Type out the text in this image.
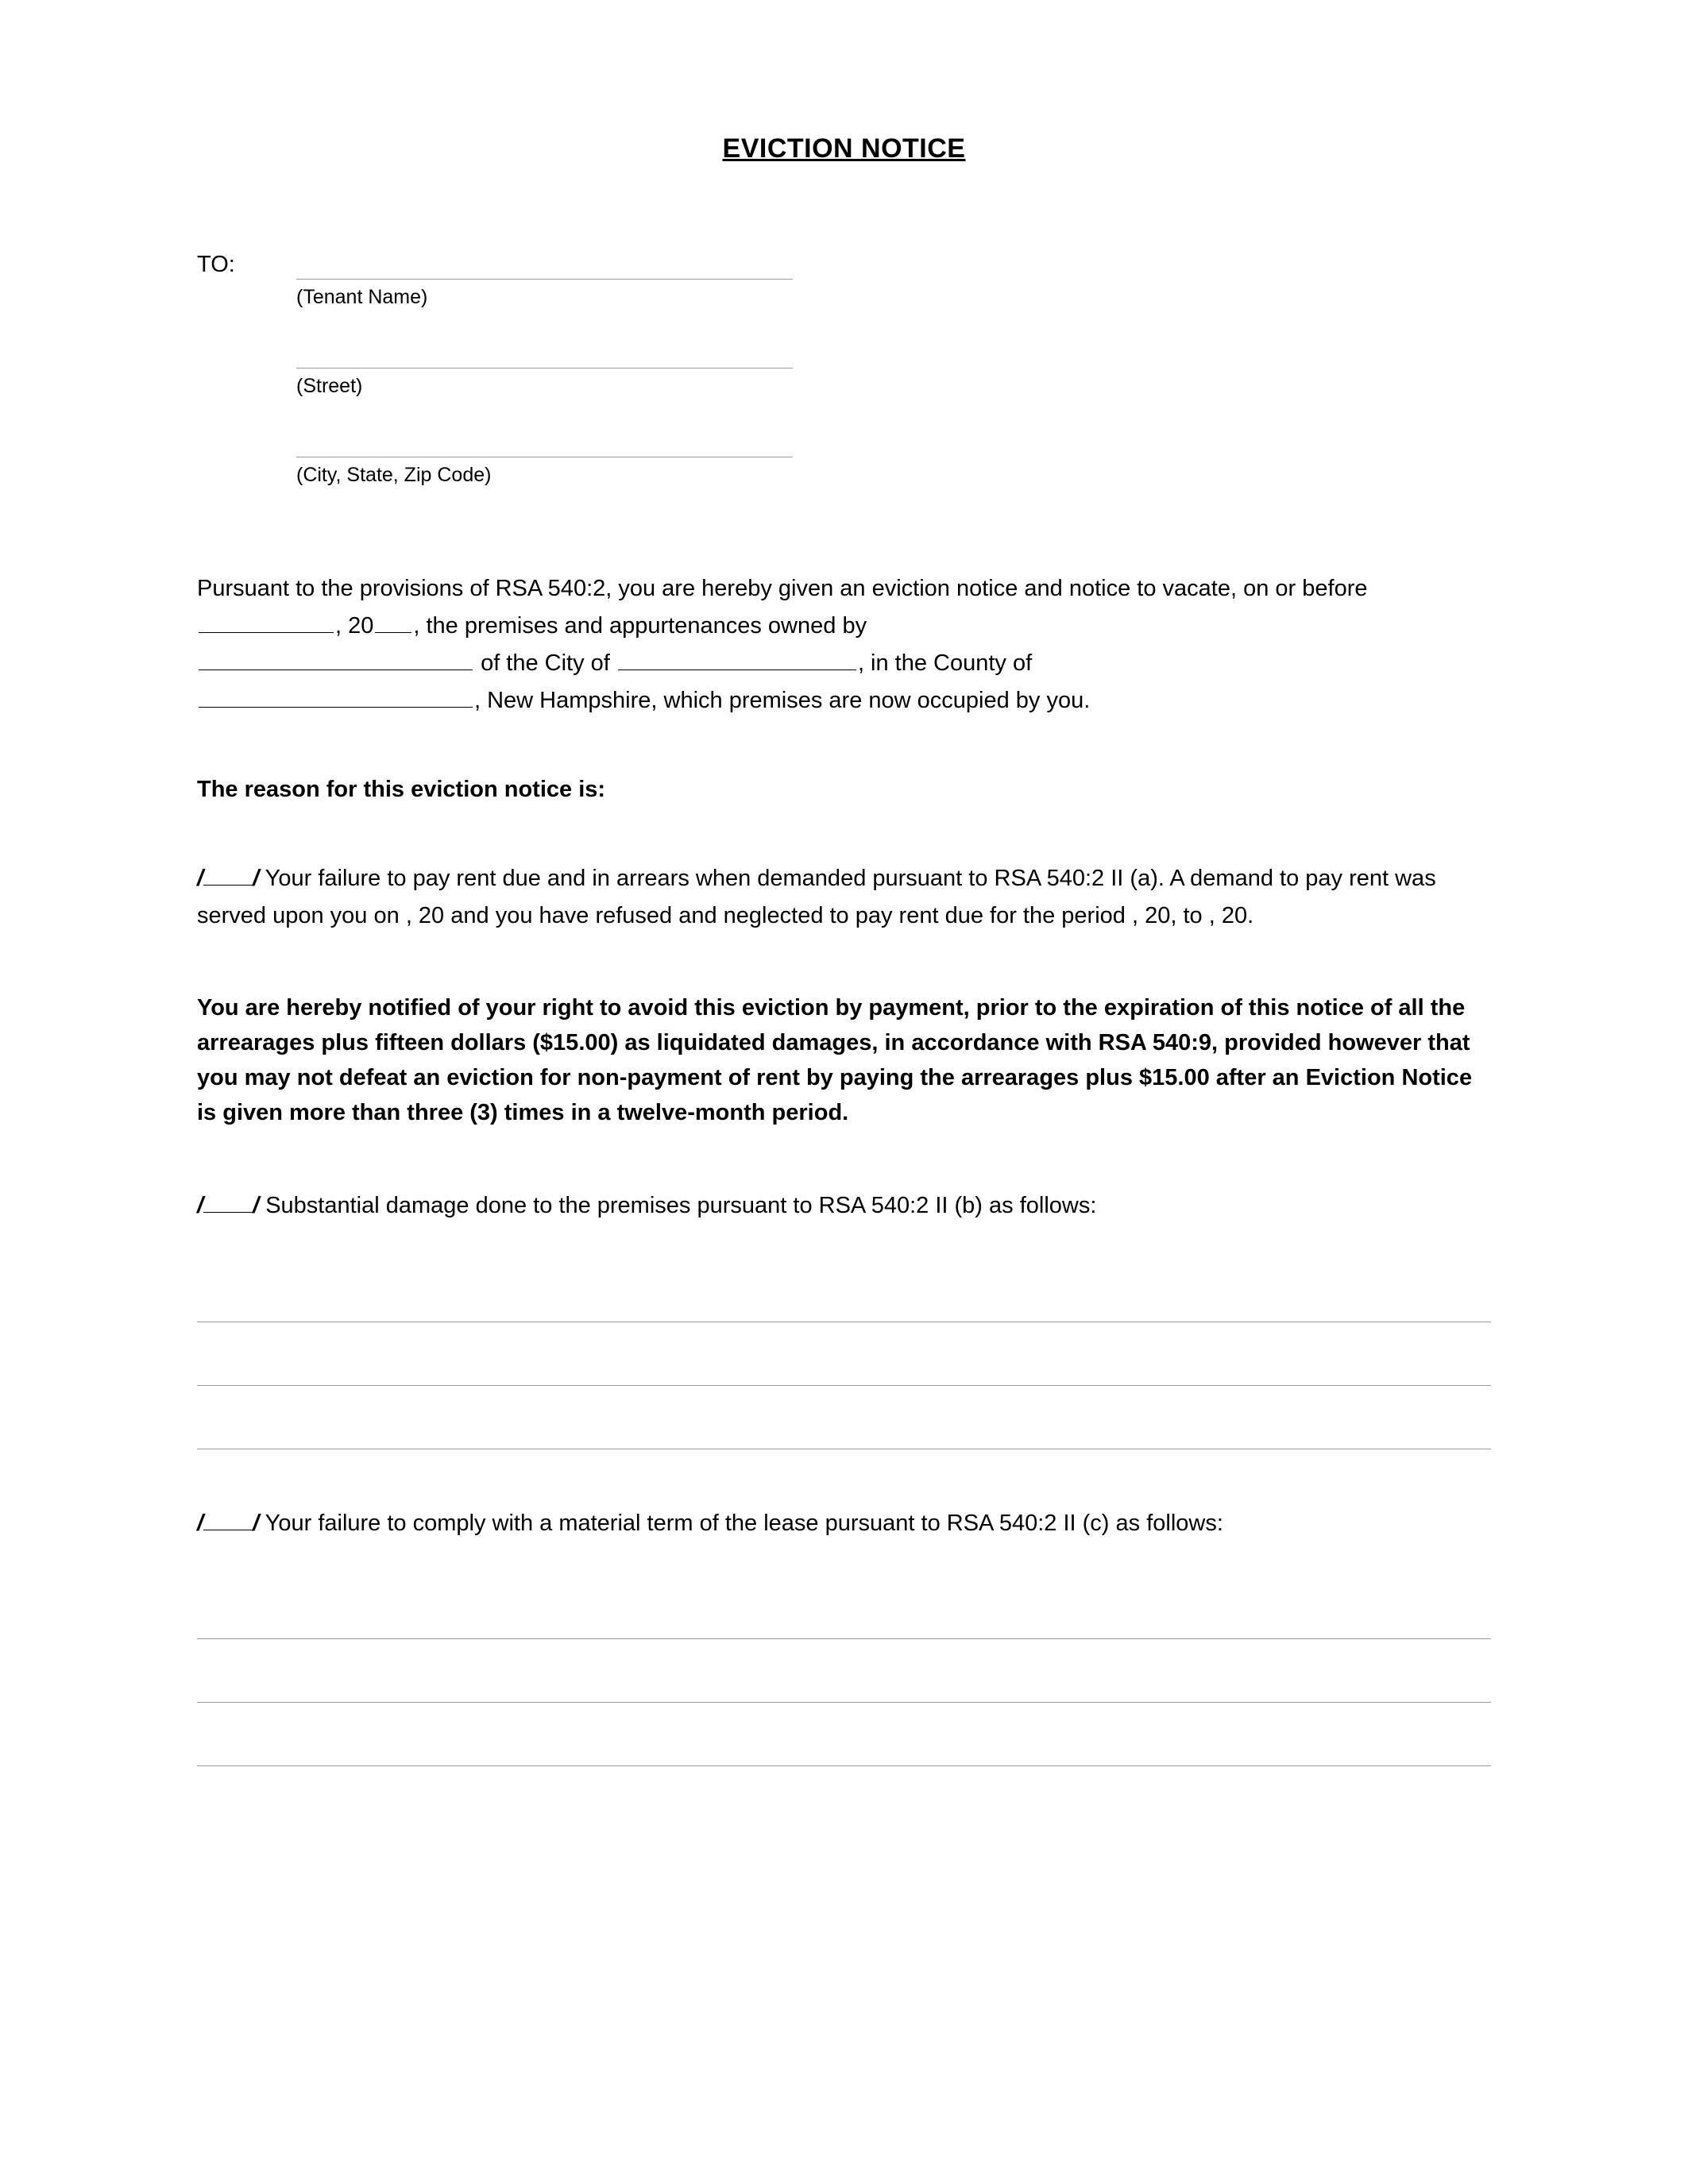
EVICTION NOTICE
TO:
(Tenant Name)
(Street)
(City, State, Zip Code)
Pursuant to the provisions of RSA 540:2, you are hereby given an eviction notice and notice to vacate, on or before , 20 , the premises and appurtenances owned by
of the City of	, in the County of
, New Hampshire, which premises are now occupied by you.
The reason for this eviction notice is:
/ / Your failure to pay rent due and in arrears when demanded pursuant to RSA 540:2 II (a). A demand to pay rent was served upon you on , 20 and you have refused and neglected to pay rent due for the period , 20, to , 20.
You are hereby notified of your right to avoid this eviction by payment, prior to the expiration of this notice of all the arrearages plus fifteen dollars ($15.00) as liquidated damages, in accordance with RSA 540:9, provided however that you may not defeat an eviction for non-payment of rent by paying the arrearages plus $15.00 after an Eviction Notice is given more than three (3) times in a twelve-month period.
/ / Substantial damage done to the premises pursuant to RSA 540:2 II (b) as follows:
/ / Your failure to comply with a material term of the lease pursuant to RSA 540:2 II (c) as follows:
